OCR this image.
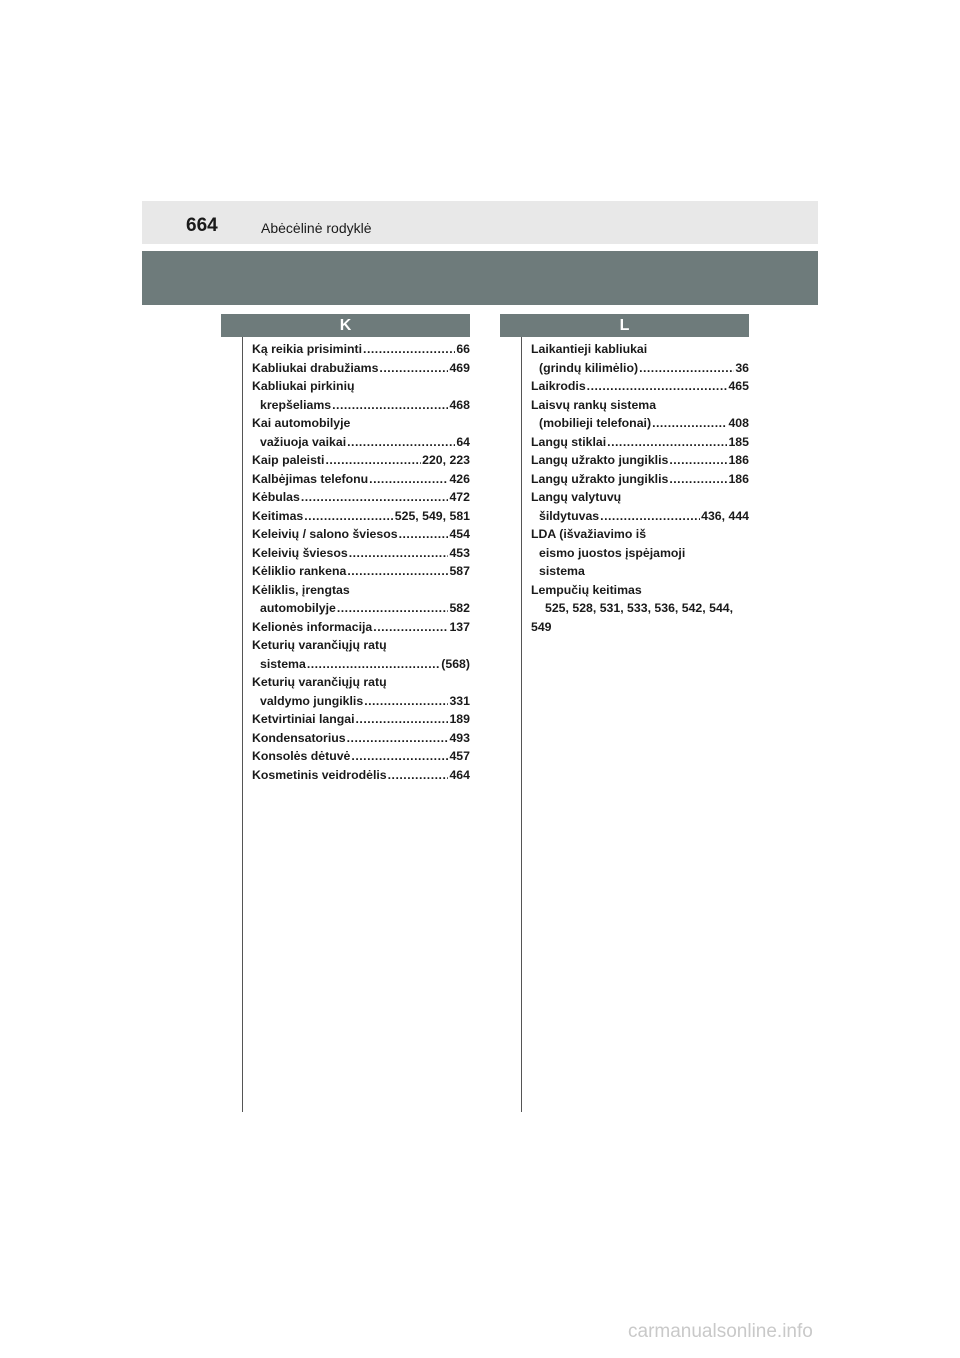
664	Abėcėlinė rodyklė
K	L
Ką reikia prisiminti .....	66
Kabliukai drabužiams .....	469
Kabliukai pirkinių
krepšeliams .....	468
Kai automobilyje
važiuoja vaikai .....	64
Kaip paleisti .....	220, 223
Kalbėjimas telefonu .....	426
Kėbulas .....	472
Keitimas .....	525, 549, 581
Keleivių / salono šviesos .....	454
Keleivių šviesos .....	453
Kėliklio rankena .....	587
Kėliklis, įrengtas
automobilyje .....	582
Kelionės informacija .....	137
Keturių varančiųjų ratų
sistema .....	(568)
Keturių varančiųjų ratų
valdymo jungiklis .....	331
Ketvirtiniai langai .....	189
Kondensatorius .....	493
Konsolės dėtuvė .....	457
Kosmetinis veidrodėlis .....	464
Laikantieji kabliukai
(grindų kilimėlio) .....	36
Laikrodis .....	465
Laisvų rankų sistema
(mobilieji telefonai) .....	408
Langų stiklai .....	185
Langų užrakto jungiklis .....	186
Langų užrakto jungiklis .....	186
Langų valytuvų
šildytuvas .....	436, 444
LDA (išvažiavimo iš
eismo juostos įspėjamoji
sistema
Lempučių keitimas
525, 528, 531, 533, 536, 542, 544,
549
carmanualsonline.info
